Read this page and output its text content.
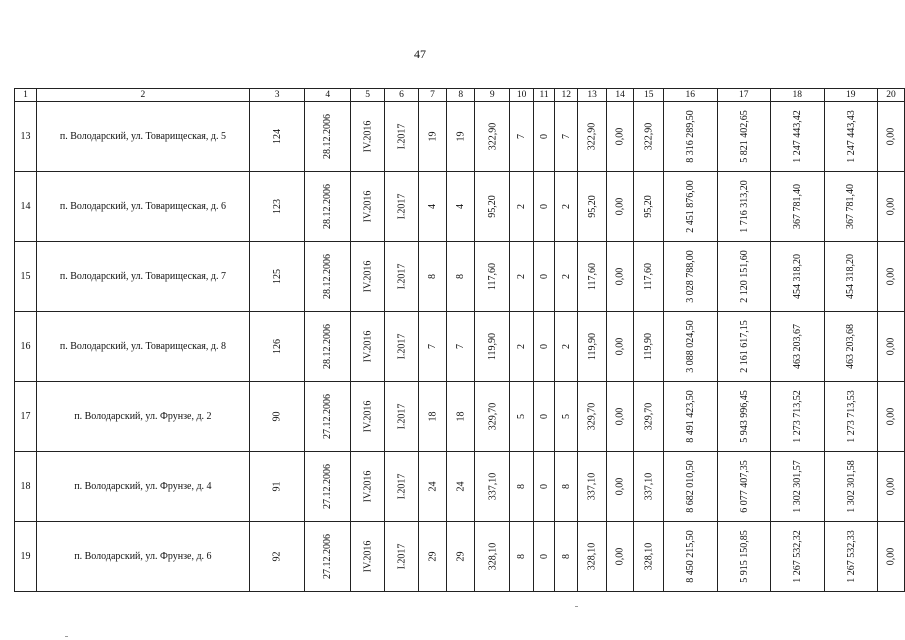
47
1	2	3	4	5	6	7	8	9	10	11	12	13	14	15	16	17	18	19	20
13	п. Володарский, ул. Товарищеская, д. 5	124	28.12.2006	IV.2016	I.2017	19	19	322,90	7	0	7	322,90	0,00	322,90	8 316 289,50	5 821 402,65	1 247 443,42	1 247 443,43	0,00
14	п. Володарский, ул. Товарищеская, д. 6	123	28.12.2006	IV.2016	I.2017	4	4	95,20	2	0	2	95,20	0,00	95,20	2 451 876,00	1 716 313,20	367 781,40	367 781,40	0,00
15	п. Володарский, ул. Товарищеская, д. 7	125	28.12.2006	IV.2016	I.2017	8	8	117,60	2	0	2	117,60	0,00	117,60	3 028 788,00	2 120 151,60	454 318,20	454 318,20	0,00
16	п. Володарский, ул. Товарищеская, д. 8	126	28.12.2006	IV.2016	I.2017	7	7	119,90	2	0	2	119,90	0,00	119,90	3 088 024,50	2 161 617,15	463 203,67	463 203,68	0,00
17	п. Володарский, ул. Фрунзе, д. 2	90	27.12.2006	IV.2016	I.2017	18	18	329,70	5	0	5	329,70	0,00	329,70	8 491 423,50	5 943 996,45	1 273 713,52	1 273 713,53	0,00
18	п. Володарский, ул. Фрунзе, д. 4	91	27.12.2006	IV.2016	I.2017	24	24	337,10	8	0	8	337,10	0,00	337,10	8 682 010,50	6 077 407,35	1 302 301,57	1 302 301,58	0,00
19	п. Володарский, ул. Фрунзе, д. 6	92	27.12.2006	IV.2016	I.2017	29	29	328,10	8	0	8	328,10	0,00	328,10	8 450 215,50	5 915 150,85	1 267 532,32	1 267 532,33	0,00
